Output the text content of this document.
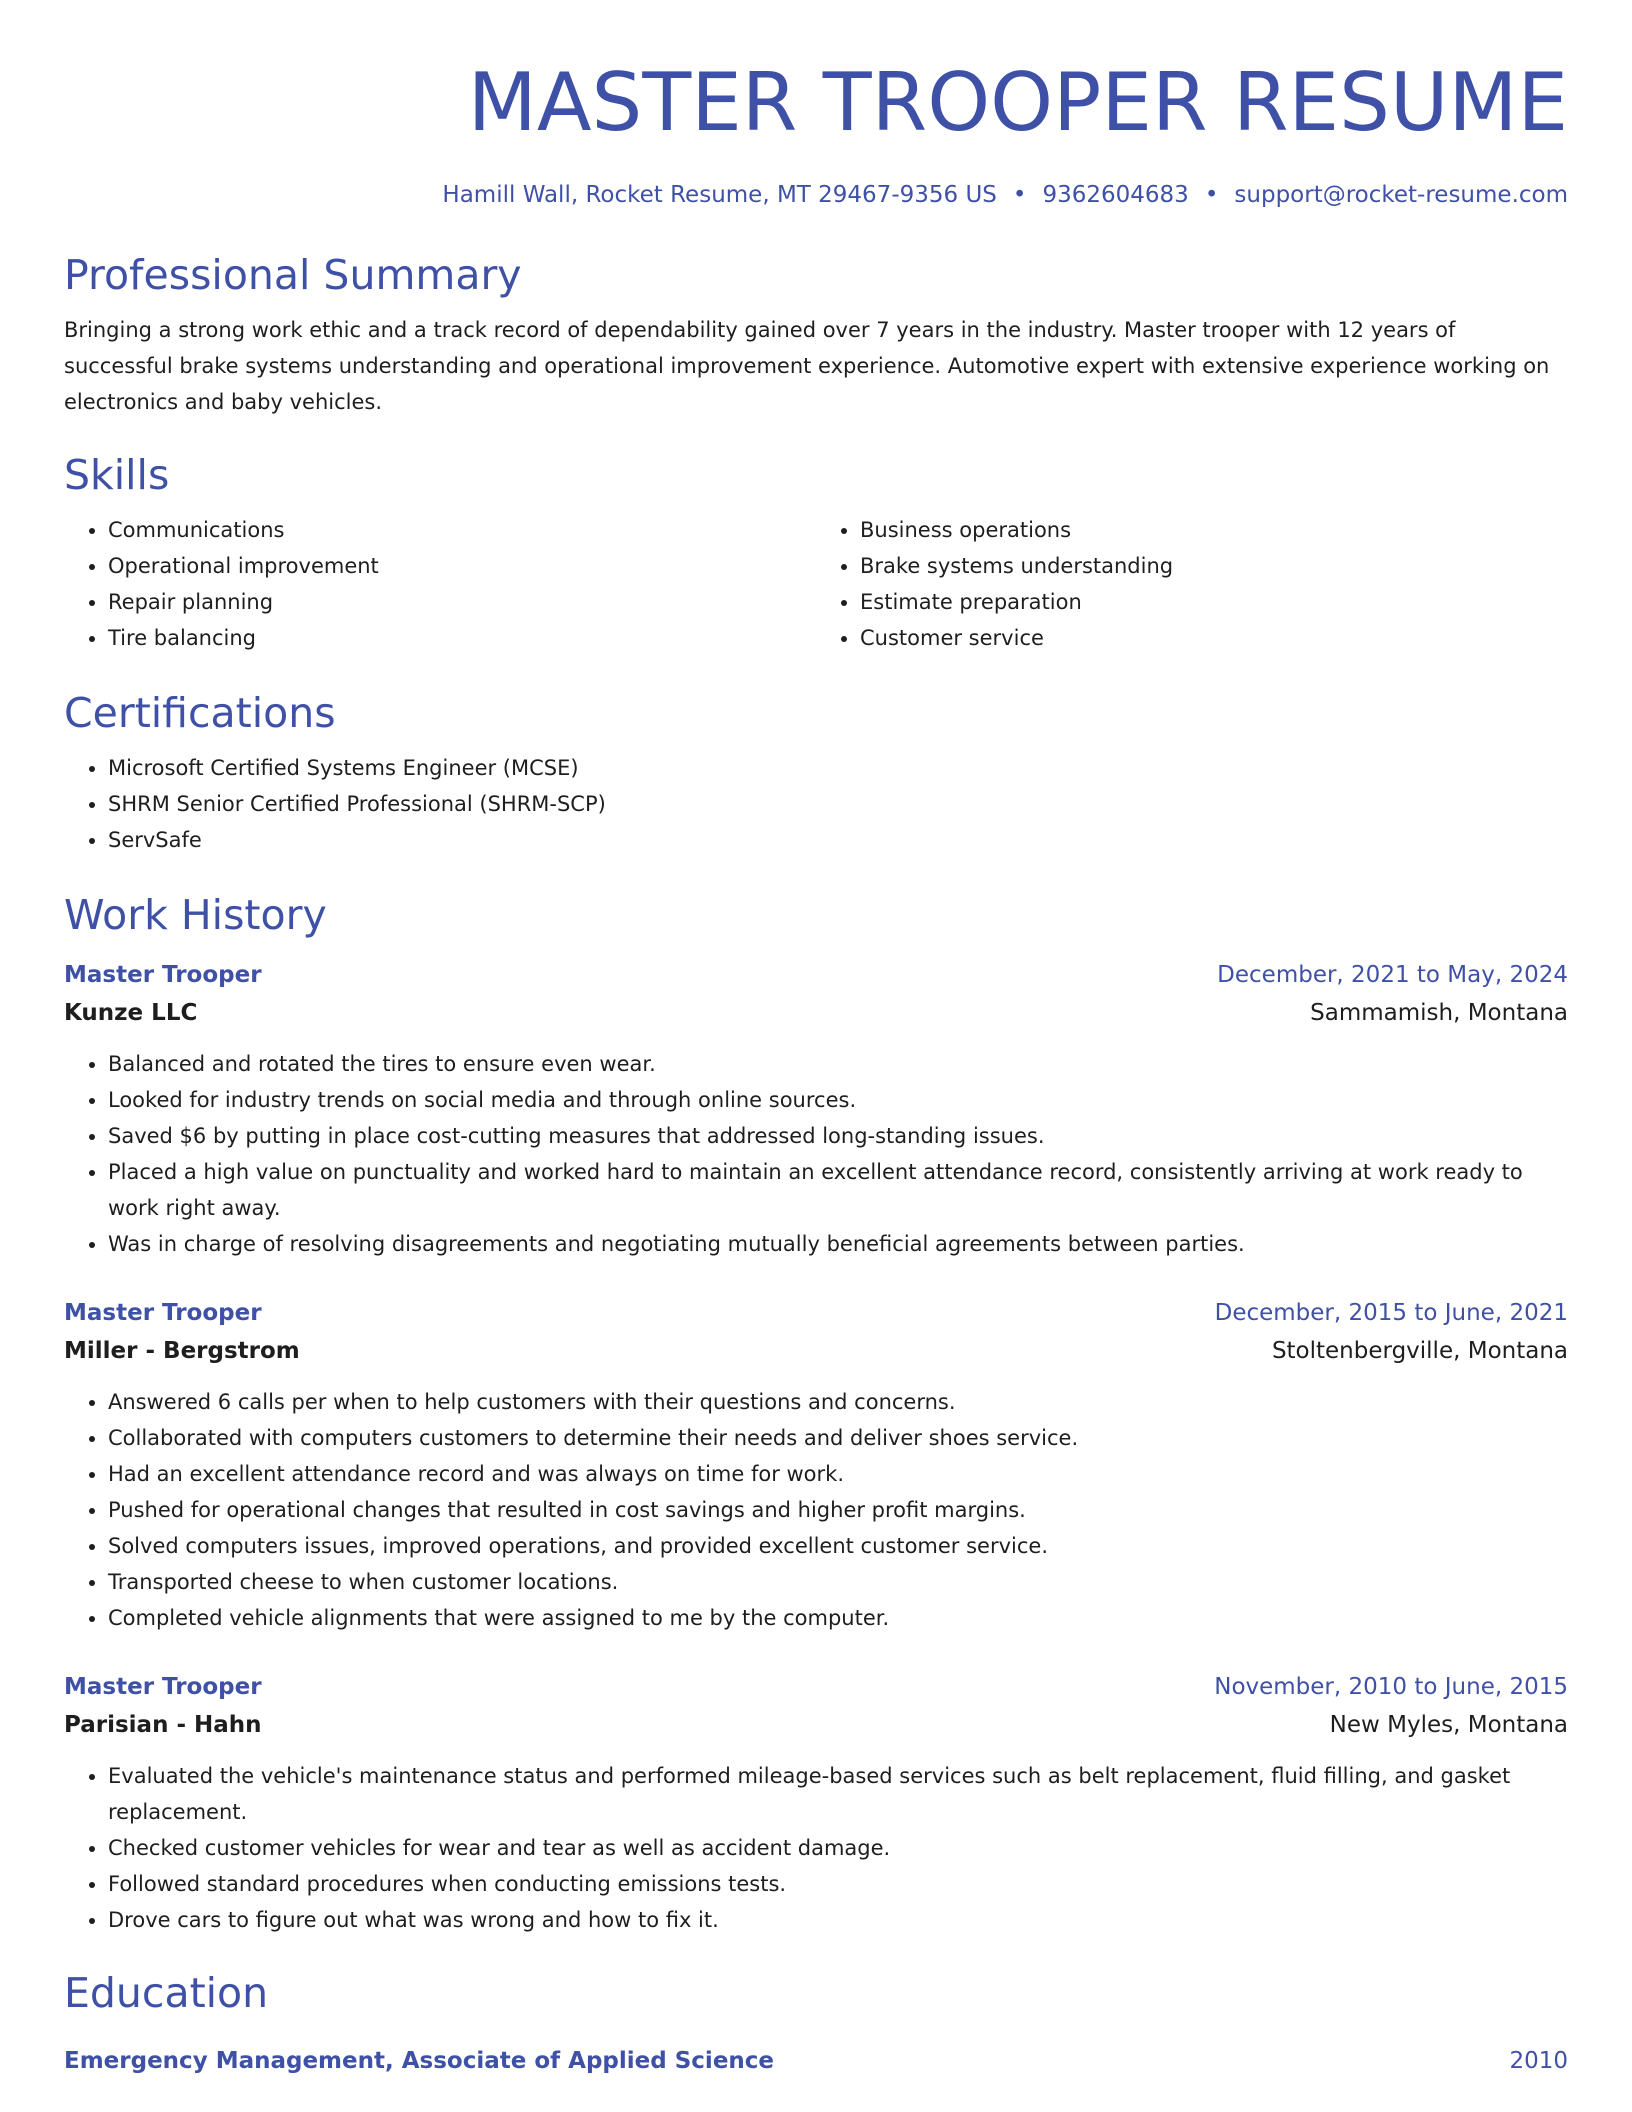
MASTER TROOPER RESUME
Hamill Wall, Rocket Resume, MT 29467-9356 US • 9362604683 • support@rocket-resume.com
Professional Summary

Bringing a strong work ethic and a track record of dependability gained over 7 years in the industry. Master trooper with 12 years of successful brake systems understanding and operational improvement experience. Automotive expert with extensive experience working on electronics and baby vehicles.

Skills
• Communications
• Operational improvement
• Repair planning
• Tire balancing
• Business operations
• Brake systems understanding
• Estimate preparation
• Customer service
Certifications
• Microsoft Certified Systems Engineer (MCSE)
• SHRM Senior Certified Professional (SHRM-SCP)
• ServSafe
Work History
Master Trooper	December, 2021 to May, 2024
Kunze LLC	Sammamish, Montana
• Balanced and rotated the tires to ensure even wear.
• Looked for industry trends on social media and through online sources.
• Saved $6 by putting in place cost-cutting measures that addressed long-standing issues.
• Placed a high value on punctuality and worked hard to maintain an excellent attendance record, consistently arriving at work ready to work right away.
• Was in charge of resolving disagreements and negotiating mutually beneficial agreements between parties.
Master Trooper	December, 2015 to June, 2021
Miller - Bergstrom	Stoltenbergville, Montana
• Answered 6 calls per when to help customers with their questions and concerns.
• Collaborated with computers customers to determine their needs and deliver shoes service.
• Had an excellent attendance record and was always on time for work.
• Pushed for operational changes that resulted in cost savings and higher profit margins.
• Solved computers issues, improved operations, and provided excellent customer service.
• Transported cheese to when customer locations.
• Completed vehicle alignments that were assigned to me by the computer.
Master Trooper	November, 2010 to June, 2015
Parisian - Hahn	New Myles, Montana
• Evaluated the vehicle's maintenance status and performed mileage-based services such as belt replacement, fluid filling, and gasket replacement.
• Checked customer vehicles for wear and tear as well as accident damage.
• Followed standard procedures when conducting emissions tests.
• Drove cars to figure out what was wrong and how to fix it.
Education
Emergency Management, Associate of Applied Science	2010
